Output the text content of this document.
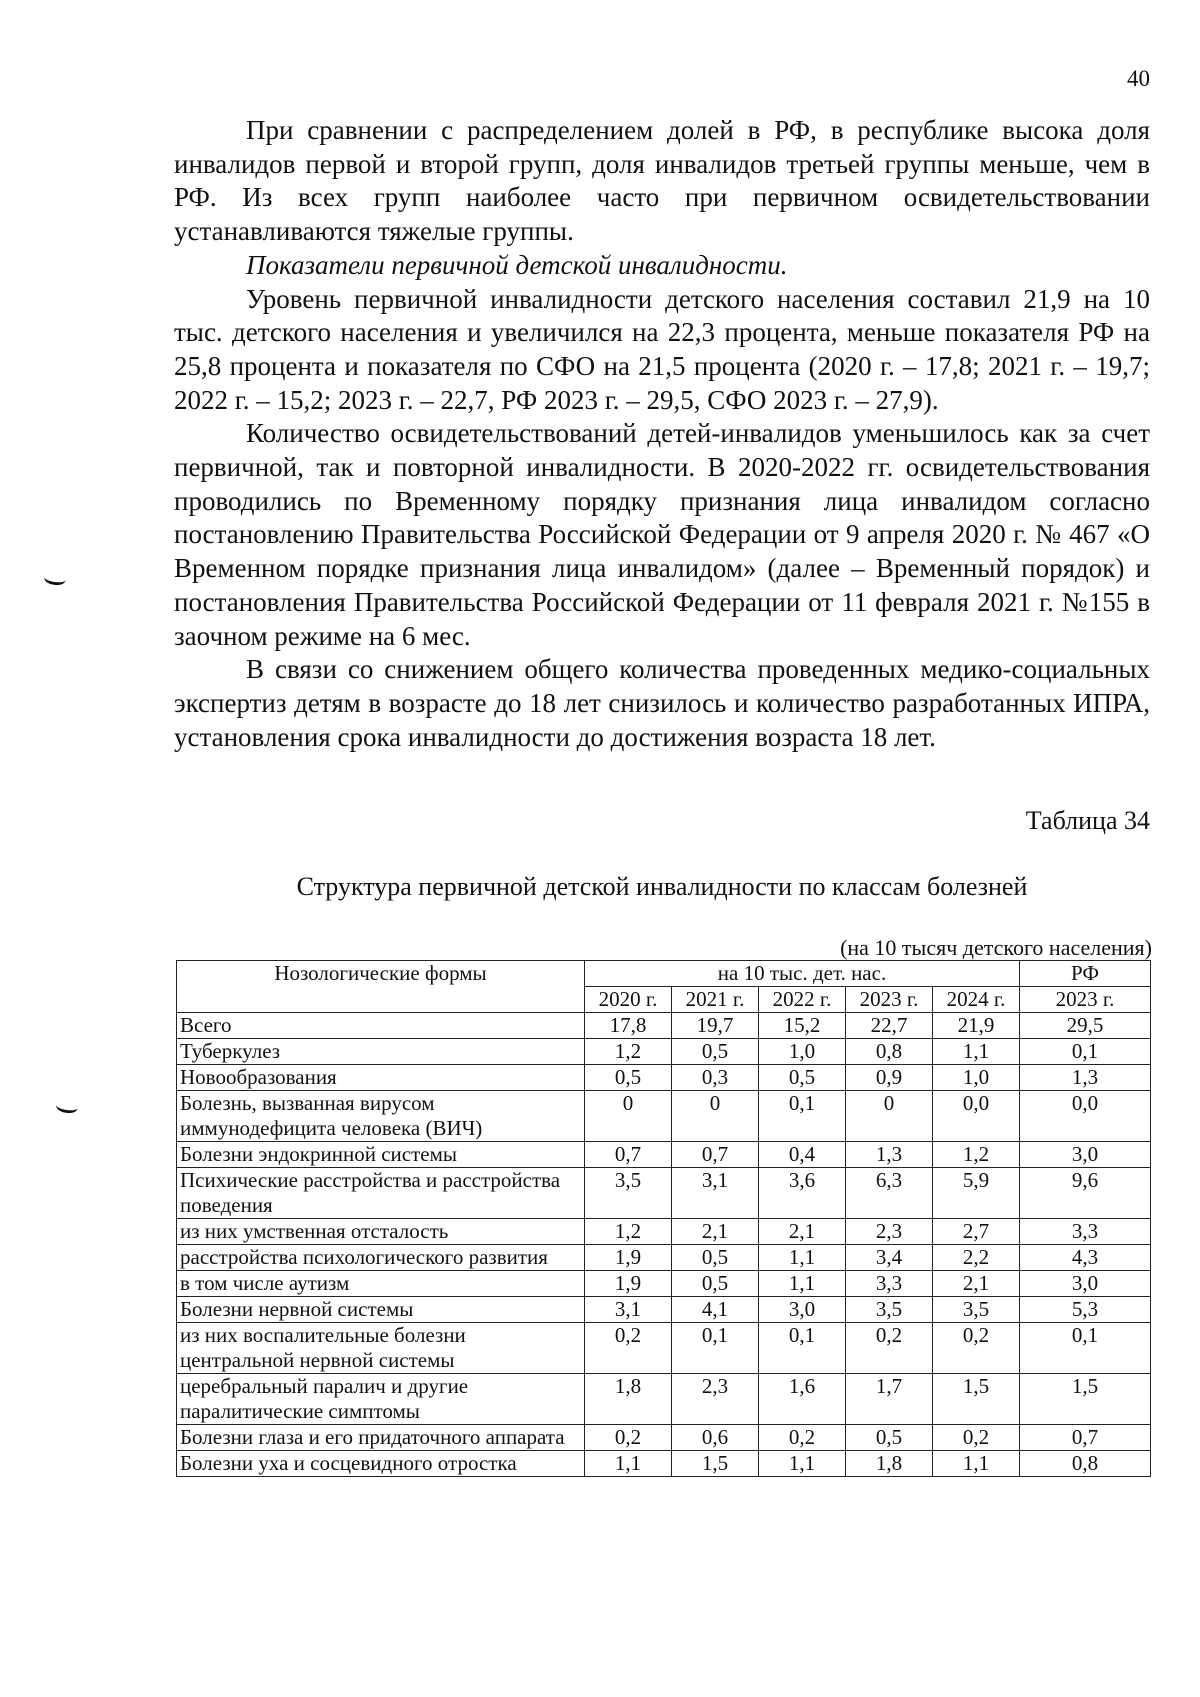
40

При сравнении с распределением долей в РФ, в республике высока доля инвалидов первой и второй групп, доля инвалидов третьей группы меньше, чем в РФ. Из всех групп наиболее часто при первичном освидетельствовании устанавливаются тяжелые группы.

Показатели первичной детской инвалидности.

Уровень первичной инвалидности детского населения составил 21,9 на 10 тыс. детского населения и увеличился на 22,3 процента, меньше показателя РФ на 25,8 процента и показателя по СФО на 21,5 процента (2020 г. – 17,8; 2021 г. – 19,7; 2022 г. – 15,2; 2023 г. – 22,7, РФ 2023 г. – 29,5, СФО 2023 г. – 27,9).

Количество освидетельствований детей-инвалидов уменьшилось как за счет первичной, так и повторной инвалидности. В 2020-2022 гг. освидетельствования проводились по Временному порядку признания лица инвалидом согласно постановлению Правительства Российской Федерации от 9 апреля 2020 г. № 467 «О Временном порядке признания лица инвалидом» (далее – Временный порядок) и постановления Правительства Российской Федерации от 11 февраля 2021 г. №155 в заочном режиме на 6 мес.

В связи со снижением общего количества проведенных медико-социальных экспертиз детям в возрасте до 18 лет снизилось и количество разработанных ИПРА, установления срока инвалидности до достижения возраста 18 лет.

Таблица 34
Структура первичной детской инвалидности по классам болезней
(на 10 тысяч детского населения)
Нозологические формы	на 10 тыс. дет. нас.					РФ
	2020 г.	2021 г.	2022 г.	2023 г.	2024 г.	2023 г.
Всего	17,8	19,7	15,2	22,7	21,9	29,5
Туберкулез	1,2	0,5	1,0	0,8	1,1	0,1
Новообразования	0,5	0,3	0,5	0,9	1,0	1,3
Болезнь, вызванная вирусом иммунодефицита человека (ВИЧ)	0	0	0,1	0	0,0	0,0
Болезни эндокринной системы	0,7	0,7	0,4	1,3	1,2	3,0
Психические расстройства и расстройства поведения	3,5	3,1	3,6	6,3	5,9	9,6
из них умственная отсталость	1,2	2,1	2,1	2,3	2,7	3,3
расстройства психологического развития	1,9	0,5	1,1	3,4	2,2	4,3
в том числе аутизм	1,9	0,5	1,1	3,3	2,1	3,0
Болезни нервной системы	3,1	4,1	3,0	3,5	3,5	5,3
из них воспалительные болезни центральной нервной системы	0,2	0,1	0,1	0,2	0,2	0,1
церебральный паралич и другие паралитические симптомы	1,8	2,3	1,6	1,7	1,5	1,5
Болезни глаза и его придаточного аппарата	0,2	0,6	0,2	0,5	0,2	0,7
Болезни уха и сосцевидного отростка	1,1	1,5	1,1	1,8	1,1	0,8
